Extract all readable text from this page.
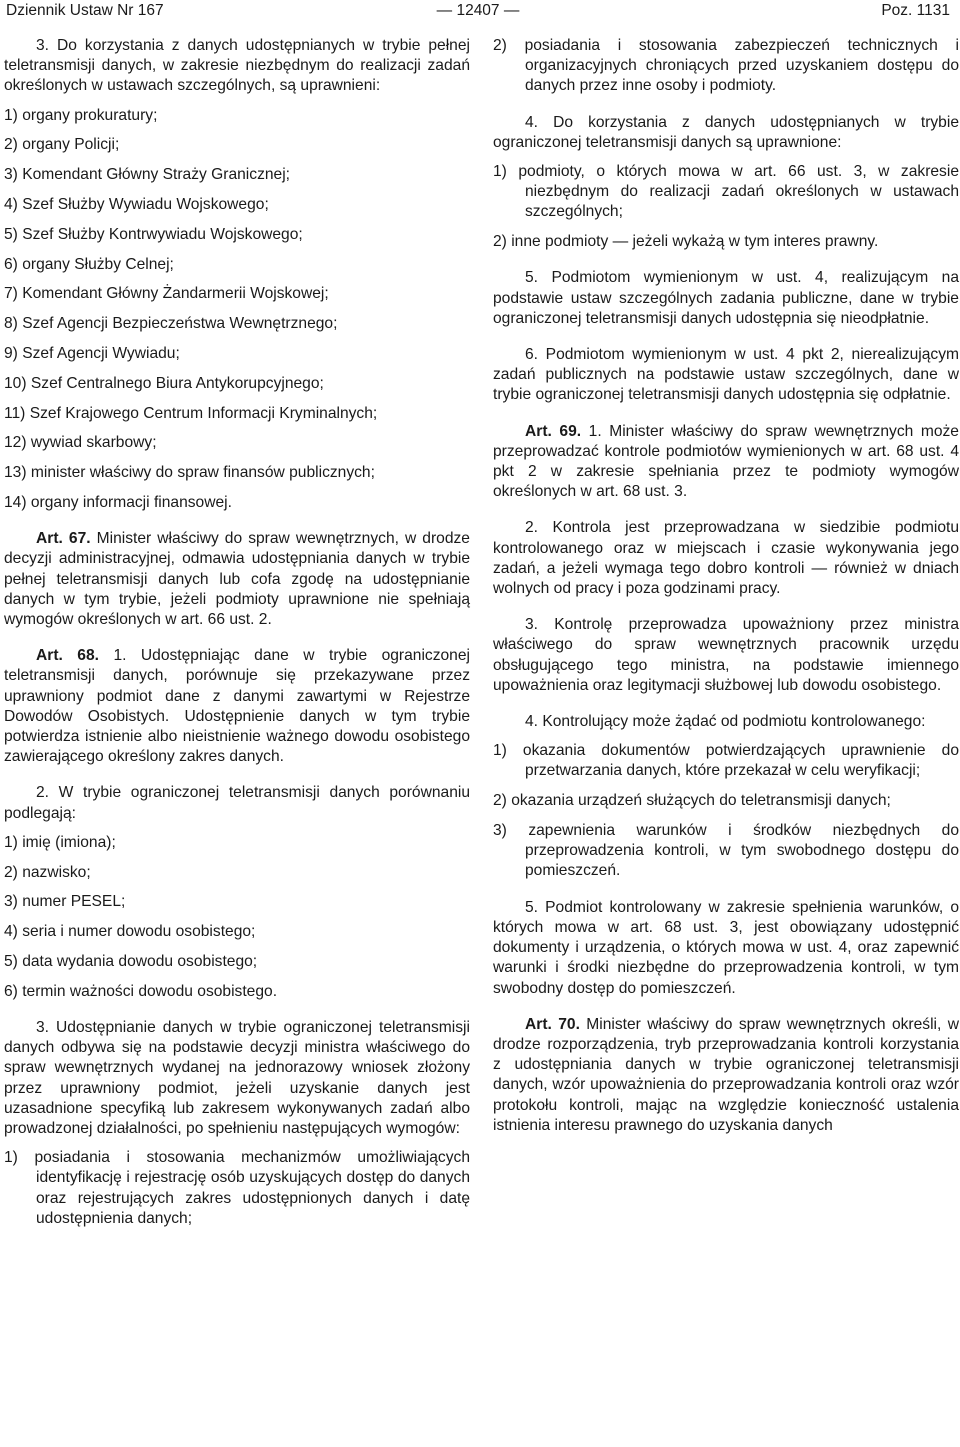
Dziennik Ustaw Nr 167	— 12407 —	Poz. 1131

3. Do korzystania z danych udostępnianych w trybie pełnej teletransmisji danych, w zakresie niezbędnym do realizacji zadań określonych w ustawach szczególnych, są uprawnieni:

1) organy prokuratury;

2) organy Policji;

3) Komendant Główny Straży Granicznej;

4) Szef Służby Wywiadu Wojskowego;

5) Szef Służby Kontrwywiadu Wojskowego;

6) organy Służby Celnej;

7) Komendant Główny Żandarmerii Wojskowej;

8) Szef Agencji Bezpieczeństwa Wewnętrznego;

9) Szef Agencji Wywiadu;

10) Szef Centralnego Biura Antykorupcyjnego;

11) Szef Krajowego Centrum Informacji Kryminalnych;

12) wywiad skarbowy;

13) minister właściwy do spraw finansów publicznych;

14) organy informacji finansowej.

Art. 67. Minister właściwy do spraw wewnętrznych, w drodze decyzji administracyjnej, odmawia udostępniania danych w trybie pełnej teletransmisji danych lub cofa zgodę na udostępnianie danych w tym trybie, jeżeli podmioty uprawnione nie spełniają wymogów określonych w art. 66 ust. 2.

Art. 68. 1. Udostępniając dane w trybie ograniczonej teletransmisji danych, porównuje się przekazywane przez uprawniony podmiot dane z danymi zawartymi w Rejestrze Dowodów Osobistych. Udostępnienie danych w tym trybie potwierdza istnienie albo nieistnienie ważnego dowodu osobistego zawierającego określony zakres danych.

2. W trybie ograniczonej teletransmisji danych porównaniu podlegają:

1) imię (imiona);

2) nazwisko;

3) numer PESEL;

4) seria i numer dowodu osobistego;

5) data wydania dowodu osobistego;

6) termin ważności dowodu osobistego.

3. Udostępnianie danych w trybie ograniczonej teletransmisji danych odbywa się na podstawie decyzji ministra właściwego do spraw wewnętrznych wydanej na jednorazowy wniosek złożony przez uprawniony podmiot, jeżeli uzyskanie danych jest uzasadnione specyfiką lub zakresem wykonywanych zadań albo prowadzonej działalności, po spełnieniu następujących wymogów:

1) posiadania i stosowania mechanizmów umożliwiających identyfikację i rejestrację osób uzyskujących dostęp do danych oraz rejestrujących zakres udostępnionych danych i datę udostępnienia danych;

2) posiadania i stosowania zabezpieczeń technicznych i organizacyjnych chroniących przed uzyskaniem dostępu do danych przez inne osoby i podmioty.

4. Do korzystania z danych udostępnianych w trybie ograniczonej teletransmisji danych są uprawnione:

1) podmioty, o których mowa w art. 66 ust. 3, w zakresie niezbędnym do realizacji zadań określonych w ustawach szczególnych;

2) inne podmioty — jeżeli wykażą w tym interes prawny.

5. Podmiotom wymienionym w ust. 4, realizującym na podstawie ustaw szczególnych zadania publiczne, dane w trybie ograniczonej teletransmisji danych udostępnia się nieodpłatnie.

6. Podmiotom wymienionym w ust. 4 pkt 2, nierealizującym zadań publicznych na podstawie ustaw szczególnych, dane w trybie ograniczonej teletransmisji danych udostępnia się odpłatnie.

Art. 69. 1. Minister właściwy do spraw wewnętrznych może przeprowadzać kontrole podmiotów wymienionych w art. 68 ust. 4 pkt 2 w zakresie spełniania przez te podmioty wymogów określonych w art. 68 ust. 3.

2. Kontrola jest przeprowadzana w siedzibie podmiotu kontrolowanego oraz w miejscach i czasie wykonywania jego zadań, a jeżeli wymaga tego dobro kontroli — również w dniach wolnych od pracy i poza godzinami pracy.

3. Kontrolę przeprowadza upoważniony przez ministra właściwego do spraw wewnętrznych pracownik urzędu obsługującego tego ministra, na podstawie imiennego upoważnienia oraz legitymacji służbowej lub dowodu osobistego.

4. Kontrolujący może żądać od podmiotu kontrolowanego:

1) okazania dokumentów potwierdzających uprawnienie do przetwarzania danych, które przekazał w celu weryfikacji;

2) okazania urządzeń służących do teletransmisji danych;

3) zapewnienia warunków i środków niezbędnych do przeprowadzenia kontroli, w tym swobodnego dostępu do pomieszczeń.

5. Podmiot kontrolowany w zakresie spełnienia warunków, o których mowa w art. 68 ust. 3, jest obowiązany udostępnić dokumenty i urządzenia, o których mowa w ust. 4, oraz zapewnić warunki i środki niezbędne do przeprowadzenia kontroli, w tym swobodny dostęp do pomieszczeń.

Art. 70. Minister właściwy do spraw wewnętrznych określi, w drodze rozporządzenia, tryb przeprowadzania kontroli korzystania z udostępniania danych w trybie ograniczonej teletransmisji danych, wzór upoważnienia do przeprowadzania kontroli oraz wzór protokołu kontroli, mając na względzie konieczność ustalenia istnienia interesu prawnego do uzyskania danych
